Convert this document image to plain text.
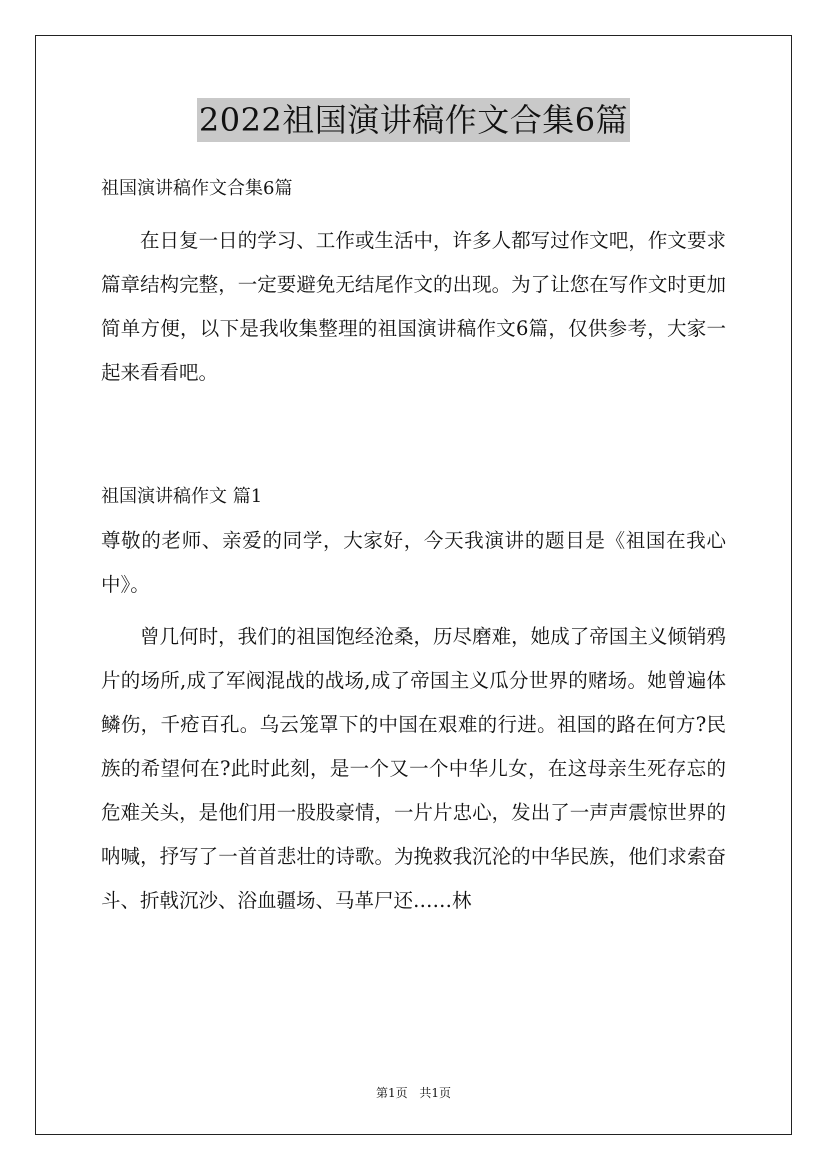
2022祖国演讲稿作文合集6篇

祖国演讲稿作文合集6篇

在日复一日的学习、工作或生活中，许多人都写过作文吧，作文要求篇章结构完整，一定要避免无结尾作文的出现。为了让您在写作文时更加简单方便，以下是我收集整理的祖国演讲稿作文6篇，仅供参考，大家一起来看看吧。

祖国演讲稿作文 篇1

尊敬的老师、亲爱的同学，大家好，今天我演讲的题目是《祖国在我心中》。

曾几何时，我们的祖国饱经沧桑，历尽磨难，她成了帝国主义倾销鸦 片的场所,成了军阀混战的战场,成了帝国主义瓜分世界的赌场。她曾遍体鳞伤，千疮百孔。乌云笼罩下的中国在艰难的行进。祖国的路在何方?民族的希望何在?此时此刻，是一个又一个中华儿女，在这母亲生死存忘的危难关头，是他们用一股股豪情，一片片忠心，发出了一声声震惊世界的呐喊，抒写了一首首悲壮的诗歌。为挽救我沉沦的中华民族，他们求索奋斗、折戟沉沙、浴血疆场、马革尸还……林

第1页 共1页
